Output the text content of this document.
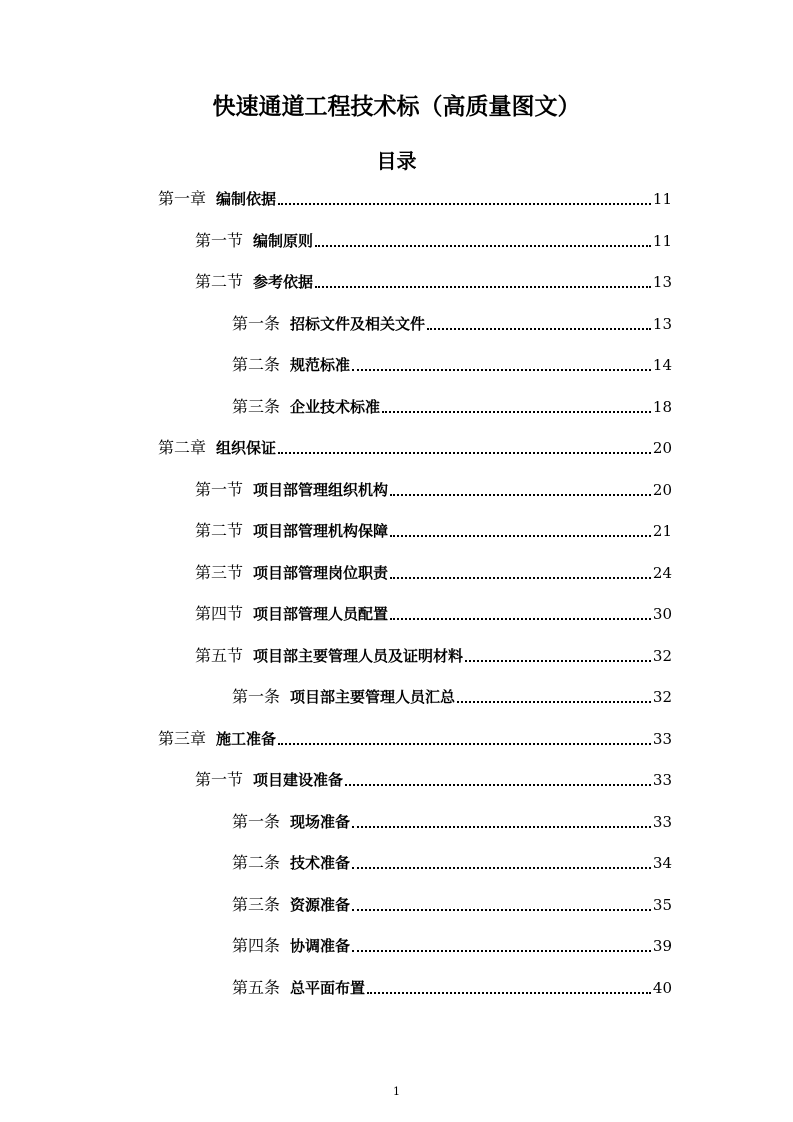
快速通道工程技术标（高质量图文）
目录
第一章 编制依据	11
第一节 编制原则	11
第二节 参考依据	13
第一条 招标文件及相关文件	13
第二条 规范标准	14
第三条 企业技术标准	18
第二章 组织保证	20
第一节 项目部管理组织机构	20
第二节 项目部管理机构保障	21
第三节 项目部管理岗位职责	24
第四节 项目部管理人员配置	30
第五节 项目部主要管理人员及证明材料	32
第一条 项目部主要管理人员汇总	32
第三章 施工准备	33
第一节 项目建设准备	33
第一条 现场准备	33
第二条 技术准备	34
第三条 资源准备	35
第四条 协调准备	39
第五条 总平面布置	40
1
